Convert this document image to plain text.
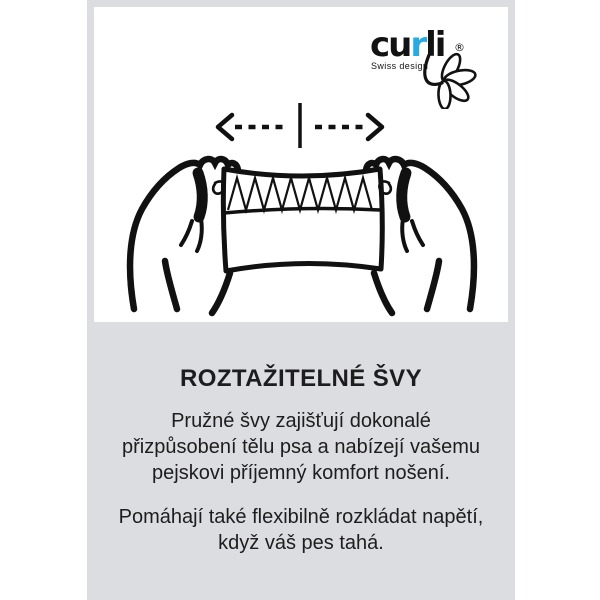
curli ®
Swiss design
ROZTAŽITELNÉ ŠVY
Pružné švy zajišťují dokonalé
přizpůsobení tělu psa a nabízejí vašemu
pejskovi příjemný komfort nošení.
Pomáhají také flexibilně rozkládat napětí,
když váš pes tahá.
